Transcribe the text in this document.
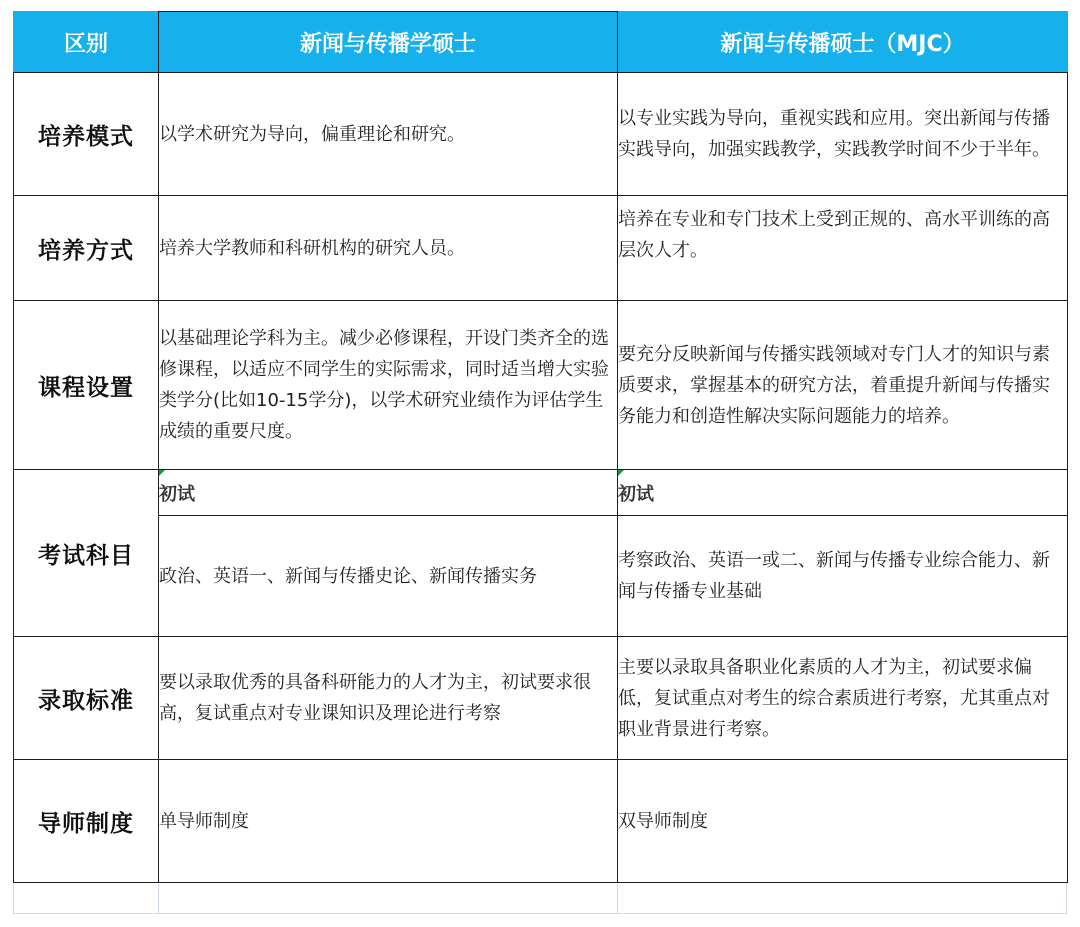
区别	新闻与传播学硕士	新闻与传播硕士（MJC）
培养模式	以学术研究为导向，偏重理论和研究。	以专业实践为导向，重视实践和应用。突出新闻与传播实践导向，加强实践教学，实践教学时间不少于半年。
培养方式	培养大学教师和科研机构的研究人员。	培养在专业和专门技术上受到正规的、高水平训练的高层次人才。
课程设置	以基础理论学科为主。减少必修课程，开设门类齐全的选修课程，以适应不同学生的实际需求，同时适当增大实验类学分(比如10-15学分)，以学术研究业绩作为评估学生成绩的重要尺度。	要充分反映新闻与传播实践领域对专门人才的知识与素质要求，掌握基本的研究方法，着重提升新闻与传播实务能力和创造性解决实际问题能力的培养。
考试科目	初试	初试
	政治、英语一、新闻与传播史论、新闻传播实务	考察政治、英语一或二、新闻与传播专业综合能力、新闻与传播专业基础
录取标准	要以录取优秀的具备科研能力的人才为主，初试要求很高，复试重点对专业课知识及理论进行考察	主要以录取具备职业化素质的人才为主，初试要求偏低，复试重点对考生的综合素质进行考察，尤其重点对职业背景进行考察。
导师制度	单导师制度	双导师制度
